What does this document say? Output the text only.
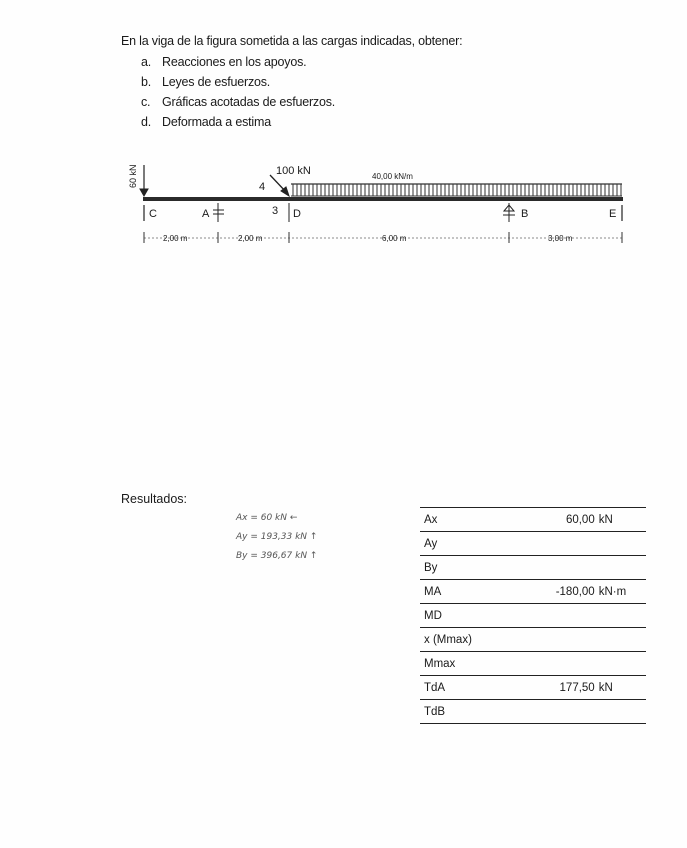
En la viga de la figura sometida a las cargas indicadas, obtener:
a. Reacciones en los apoyos.
b. Leyes de esfuerzos.
c. Gráficas acotadas de esfuerzos.
d. Deformada a estima
40,00 kN/m
60 kN	100 kN
4
3
C	A	D	B	E
2,00 m	2,00 m	6,00 m	3,00 m
Resultados:
Ax = 60 kN ←
Ay = 193,33 kN ↑
By = 396,67 kN ↑
Ax	60,00	kN
Ay		
By		
MA	-180,00	kN·m
MD		
x (Mmax)		
Mmax		
TdA	177,50	kN
TdB		
